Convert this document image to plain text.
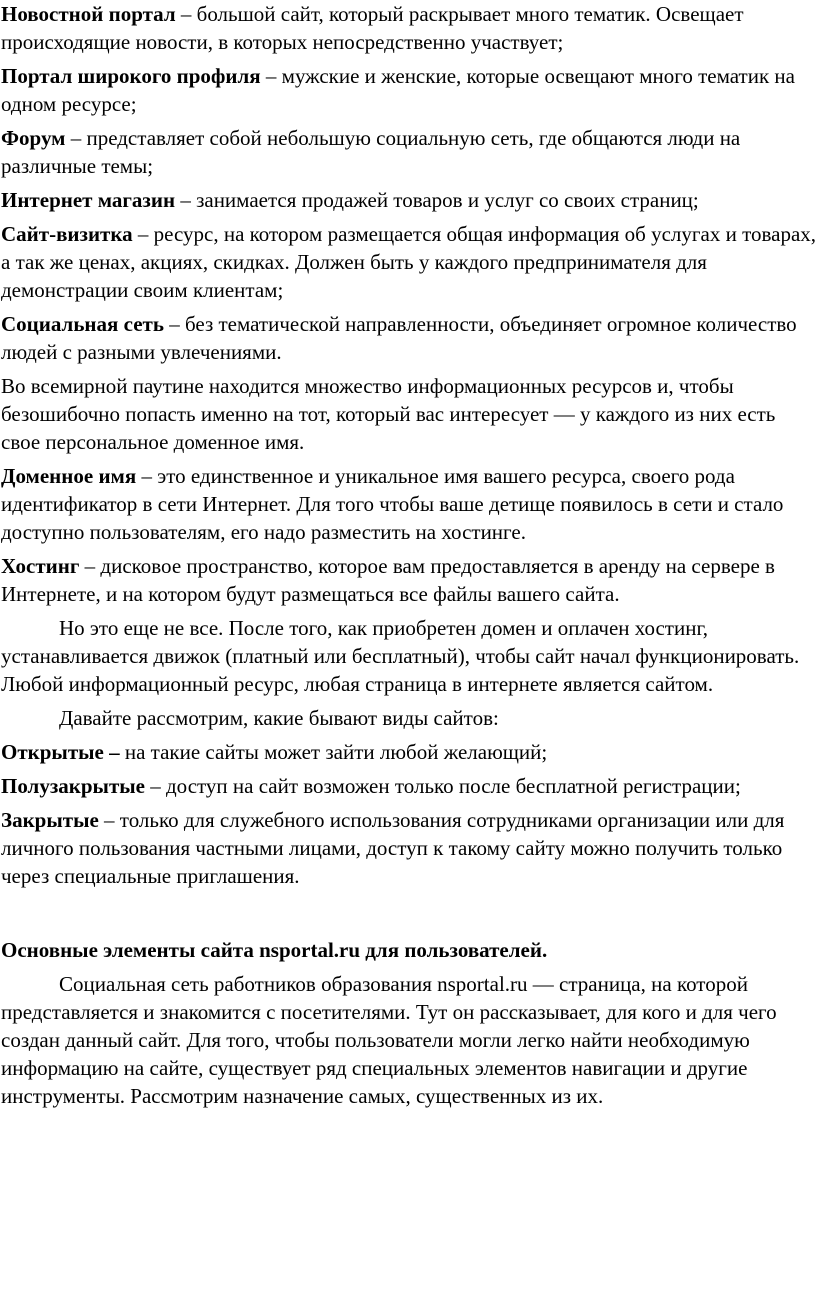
Новостной портал – большой сайт, который раскрывает много тематик. Освещает происходящие новости, в которых непосредственно участвует;

Портал широкого профиля – мужские и женские, которые освещают много тематик на одном ресурсе;

Форум – представляет собой небольшую социальную сеть, где общаются люди на различные темы;

Интернет магазин – занимается продажей товаров и услуг со своих страниц;

Сайт-визитка – ресурс, на котором размещается общая информация об услугах и товарах, а так же ценах, акциях, скидках. Должен быть у каждого предпринимателя для демонстрации своим клиентам;

Социальная сеть – без тематической направленности, объединяет огромное количество людей с разными увлечениями.

Во всемирной паутине находится множество информационных ресурсов и, чтобы безошибочно попасть именно на тот, который вас интересует — у каждого из них есть свое персональное доменное имя.

Доменное имя – это единственное и уникальное имя вашего ресурса, своего рода идентификатор в сети Интернет. Для того чтобы ваше детище появилось в сети и стало доступно пользователям, его надо разместить на хостинге.

Хостинг – дисковое пространство, которое вам предоставляется в аренду на сервере в Интернете, и на котором будут размещаться все файлы вашего сайта.

Но это еще не все. После того, как приобретен домен и оплачен хостинг, устанавливается движок (платный или бесплатный), чтобы сайт начал функционировать. Любой информационный ресурс, любая страница в интернете является сайтом.

Давайте рассмотрим, какие бывают виды сайтов:

Открытые – на такие сайты может зайти любой желающий;

Полузакрытые – доступ на сайт возможен только после бесплатной регистрации;

Закрытые – только для служебного использования сотрудниками организации или для личного пользования частными лицами, доступ к такому сайту можно получить только через специальные приглашения.

Основные элементы сайта nsportal.ru для пользователей.

Социальная сеть работников образования nsportal.ru — страница, на которой представляется и знакомится с посетителями. Тут он рассказывает, для кого и для чего создан данный сайт. Для того, чтобы пользователи могли легко найти необходимую информацию на сайте, существует ряд специальных элементов навигации и другие инструменты. Рассмотрим назначение самых, существенных из их.
